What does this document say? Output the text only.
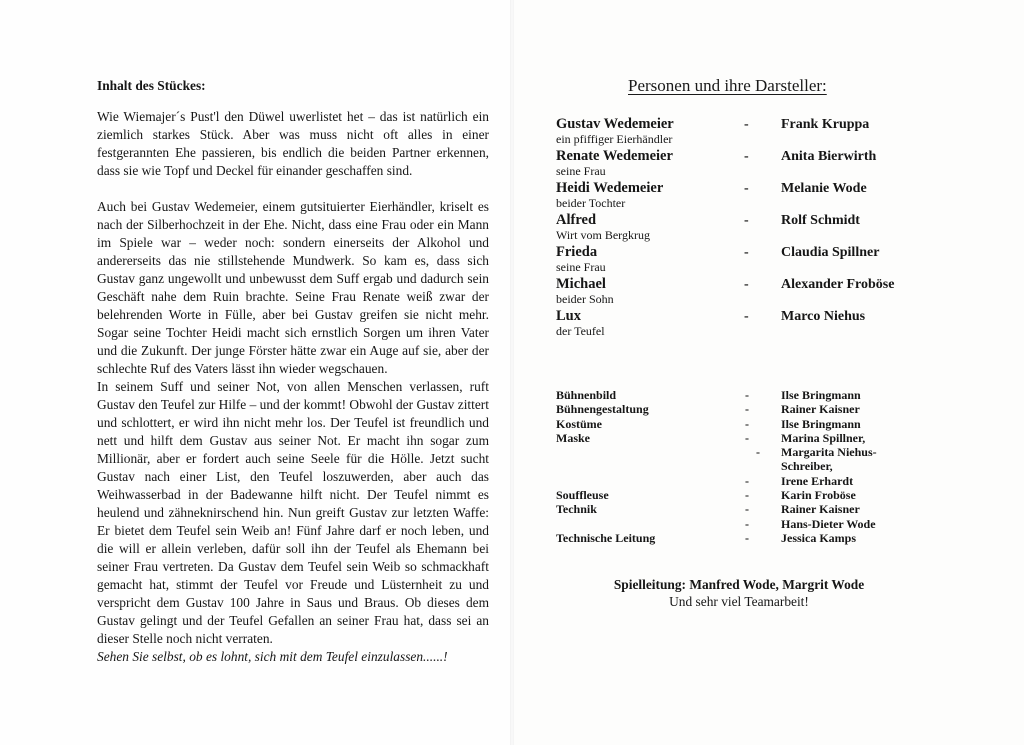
Inhalt des Stückes:

Wie Wiemajer´s Pust'l den Düwel uwerlistet het – das ist natürlich ein ziemlich starkes Stück. Aber was muss nicht oft alles in einer festgerannten Ehe passieren, bis endlich die beiden Partner erkennen, dass sie wie Topf und Deckel für einander geschaffen sind.

Auch bei Gustav Wedemeier, einem gutsituierter Eierhändler, kriselt es nach der Silberhochzeit in der Ehe. Nicht, dass eine Frau oder ein Mann im Spiele war – weder noch: sondern einerseits der Alkohol und andererseits das nie stillstehende Mundwerk. So kam es, dass sich Gustav ganz ungewollt und unbewusst dem Suff ergab und dadurch sein Geschäft nahe dem Ruin brachte. Seine Frau Renate weiß zwar der belehrenden Worte in Fülle, aber bei Gustav greifen sie nicht mehr. Sogar seine Tochter Heidi macht sich ernstlich Sorgen um ihren Vater und die Zukunft. Der junge Förster hätte zwar ein Auge auf sie, aber der schlechte Ruf des Vaters lässt ihn wieder wegschauen.

In seinem Suff und seiner Not, von allen Menschen verlassen, ruft Gustav den Teufel zur Hilfe – und der kommt! Obwohl der Gustav zittert und schlottert, er wird ihn nicht mehr los. Der Teufel ist freundlich und nett und hilft dem Gustav aus seiner Not. Er macht ihn sogar zum Millionär, aber er fordert auch seine Seele für die Hölle. Jetzt sucht Gustav nach einer List, den Teufel loszuwerden, aber auch das Weihwasserbad in der Badewanne hilft nicht. Der Teufel nimmt es heulend und zähneknirschend hin. Nun greift Gustav zur letzten Waffe: Er bietet dem Teufel sein Weib an! Fünf Jahre darf er noch leben, und die will er allein verleben, dafür soll ihn der Teufel als Ehemann bei seiner Frau vertreten. Da Gustav dem Teufel sein Weib so schmackhaft gemacht hat, stimmt der Teufel vor Freude und Lüsternheit zu und verspricht dem Gustav 100 Jahre in Saus und Braus. Ob dieses dem Gustav gelingt und der Teufel Gefallen an seiner Frau hat, dass sei an dieser Stelle noch nicht verraten.

Sehen Sie selbst, ob es lohnt, sich mit dem Teufel einzulassen......!

Personen und ihre Darsteller:
Gustav Wedemeier
ein pfiffiger Eierhändler
- Frank Kruppa
Renate Wedemeier
seine Frau
- Anita Bierwirth
Heidi Wedemeier
beider Tochter
- Melanie Wode
Alfred
Wirt vom Bergkrug
- Rolf Schmidt
Frieda
seine Frau
- Claudia Spillner
Michael
beider Sohn
- Alexander Froböse
Lux
der Teufel
- Marco Niehus
Bühnenbild	-	Ilse Bringmann
Bühnengestaltung	-	Rainer Kaisner
Kostüme	-	Ilse Bringmann
Maske	-	Marina Spillner,
- Margarita Niehus-
Schreiber,
-	Irene Erhardt
Souffleuse	-	Karin Froböse
Technik	-	Rainer Kaisner
-	Hans-Dieter Wode
Technische Leitung	-	Jessica Kamps
Spielleitung: Manfred Wode, Margrit Wode
Und sehr viel Teamarbeit!
